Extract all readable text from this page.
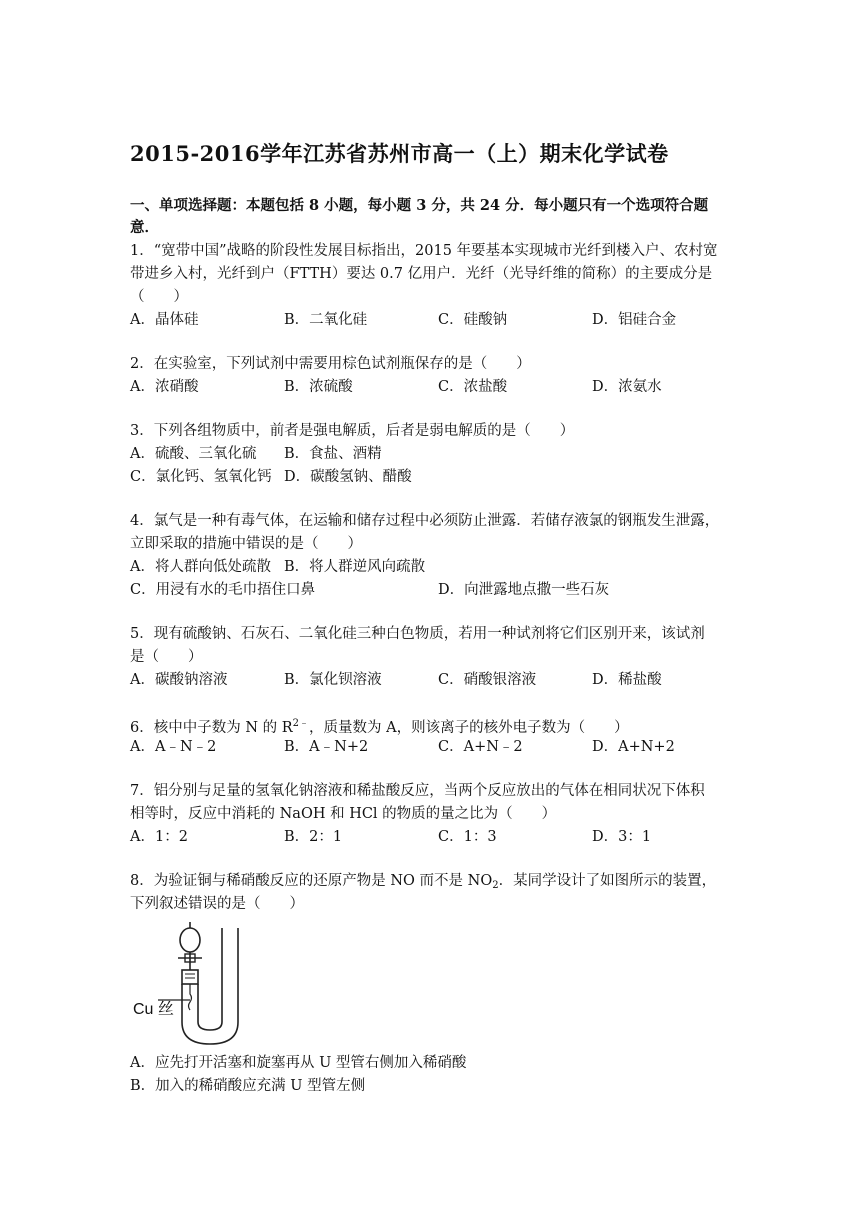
2015-2016学年江苏省苏州市高一（上）期末化学试卷
一、单项选择题：本题包括 8 小题，每小题 3 分，共 24 分．每小题只有一个选项符合题
意．
1．“宽带中国”战略的阶段性发展目标指出，2015 年要基本实现城市光纤到楼入户、农村宽
带进乡入村，光纤到户（FTTH）要达 0.7 亿用户．光纤（光导纤维的简称）的主要成分是
（　　）
A．晶体硅	B．二氧化硅	C．硅酸钠	D．铝硅合金
2．在实验室，下列试剂中需要用棕色试剂瓶保存的是（　　）
A．浓硝酸	B．浓硫酸	C．浓盐酸	D．浓氨水
3．下列各组物质中，前者是强电解质，后者是弱电解质的是（　　）
A．硫酸、三氧化硫 B．食盐、酒精
C．氯化钙、氢氧化钙 D．碳酸氢钠、醋酸
4．氯气是一种有毒气体，在运输和储存过程中必须防止泄露．若储存液氯的钢瓶发生泄露，
立即采取的措施中错误的是（　　）
A．将人群向低处疏散 B．将人群逆风向疏散
C．用浸有水的毛巾捂住口鼻	D．向泄露地点撒一些石灰
5．现有硫酸钠、石灰石、二氧化硅三种白色物质，若用一种试剂将它们区别开来，该试剂
是（　　）
A．碳酸钠溶液	B．氯化钡溶液	C．硝酸银溶液	D．稀盐酸
6．核中中子数为 N 的 $R^{2﹣}$，质量数为 A，则该离子的核外电子数为（　　）
A．A﹣N﹣2	B．A﹣N+2	C．A+N﹣2	D．A+N+2
7．铝分别与足量的氢氧化钠溶液和稀盐酸反应，当两个反应放出的气体在相同状况下体积
相等时，反应中消耗的 NaOH 和 HCl 的物质的量之比为（　　）
A．1：2	B．2：1	C．1：3	D．3：1
8．为验证铜与稀硝酸反应的还原产物是 NO 而不是 $NO_2$．某同学设计了如图所示的装置，
下列叙述错误的是（　　）
Cu 丝
A．应先打开活塞和旋塞再从 U 型管右侧加入稀硝酸
B．加入的稀硝酸应充满 U 型管左侧
